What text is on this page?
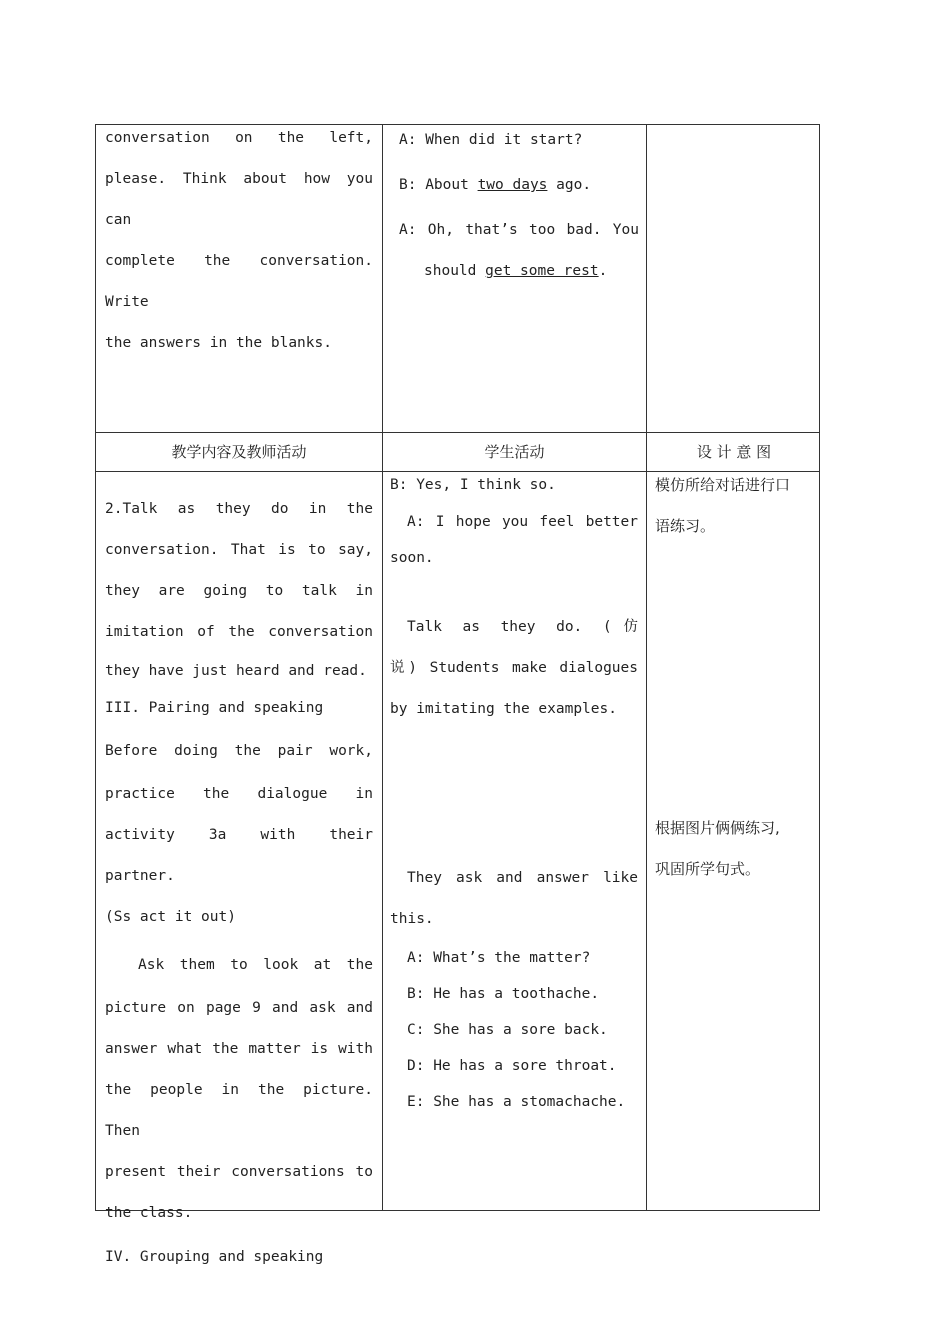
conversation on the left,

please. Think about how you can

complete the conversation. Write

the answers in the blanks.

A: When did it start?

B: About two days ago.

A: Oh, that’s too bad. You

should get some rest.

教学内容及教师活动	学生活动	设 计 意 图

2.Talk as they do in the

conversation. That is to say,

they are going to talk in

imitation of the conversation

they have just heard and read.

III. Pairing and speaking

Before doing the pair work,

practice the dialogue in

activity 3a with their partner.

(Ss act it out)

Ask them to look at the

picture on page 9 and ask and

answer what the matter is with

the people in the picture. Then

present their conversations to

the class.

IV. Grouping and speaking

B: Yes, I think so.

A: I hope you feel better

soon.

Talk as they do. (仿

说) Students make dialogues

by imitating the examples.

They ask and answer like

this.

A: What’s the matter?

B: He has a toothache.

C: She has a sore back.

D: He has a sore throat.

E: She has a stomachache.

模仿所给对话进行口

语练习。

根据图片俩俩练习,

巩固所学句式。
